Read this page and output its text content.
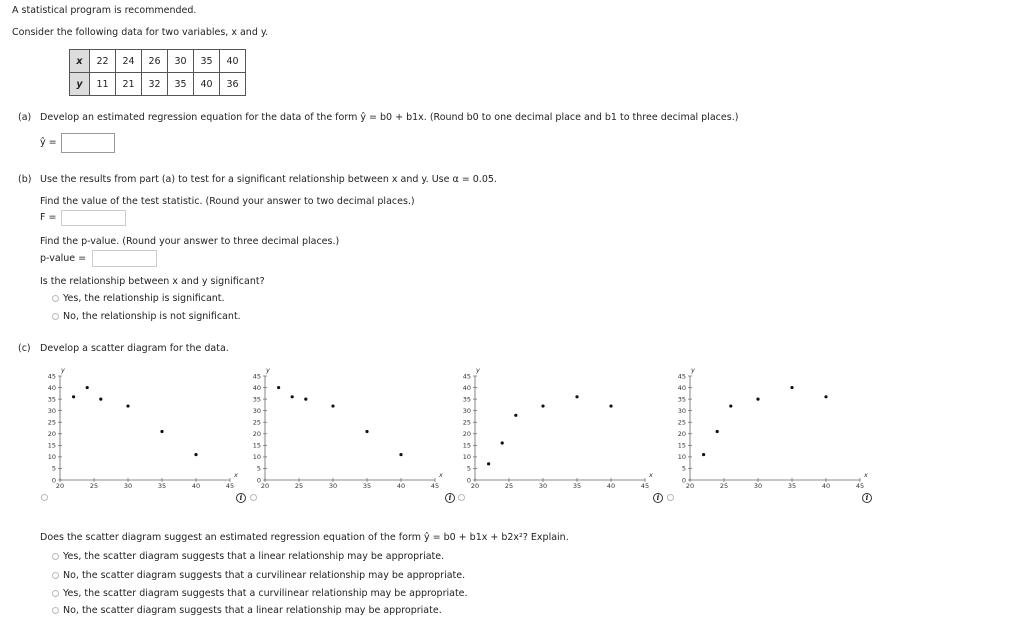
A statistical program is recommended.
Consider the following data for two variables, x and y.
x	22	24	26	30	35	40
y	11	21	32	35	40	36
(a) Develop an estimated regression equation for the data of the form ŷ = b0 + b1x. (Round b0 to one decimal place and b1 to three decimal places.)
ŷ =
(b) Use the results from part (a) to test for a significant relationship between x and y. Use α = 0.05.
Find the value of the test statistic. (Round your answer to two decimal places.)
F =
Find the p-value. (Round your answer to three decimal places.)
p-value =
Is the relationship between x and y significant?
Yes, the relationship is significant.
No, the relationship is not significant.
(c) Develop a scatter diagram for the data.
0
5
10
15
20
25
30
35
40
45
20	25	30	35	40	45
x
y
0
5
10
15
20
25
30
35
40
45
20	25	30	35	40	45
x
y
0
5
10
15
20
25
30
35
40
45
20	25	30	35	40	45
x
y
0
5
10
15
20
25
30
35
40
45
20	25	30	35	40	45
x
y
i	i	i	i
Does the scatter diagram suggest an estimated regression equation of the form ŷ = b0 + b1x + b2x²? Explain.
Yes, the scatter diagram suggests that a linear relationship may be appropriate.
No, the scatter diagram suggests that a curvilinear relationship may be appropriate.
Yes, the scatter diagram suggests that a curvilinear relationship may be appropriate.
No, the scatter diagram suggests that a linear relationship may be appropriate.
